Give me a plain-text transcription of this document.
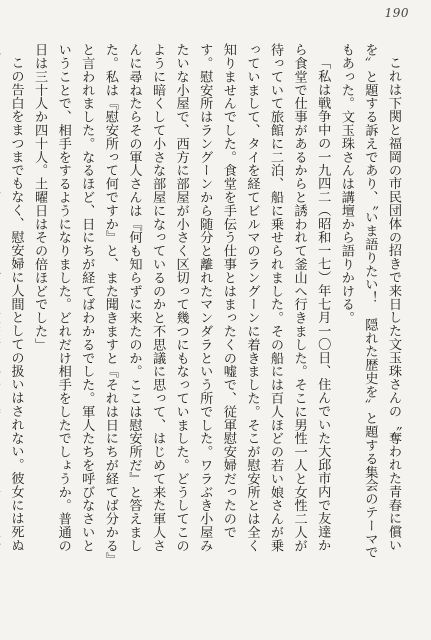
190

これは下関と福岡の市民団体の招きで来日した文玉珠さんの〝奪われた青春に償いを〟と題する訴えであり、〝いま語りたい！　隠れた歴史を〟と題する集会のテーマでもあった。文玉珠さんは講壇から語りかける。

「私は戦争中の一九四二（昭和一七）年七月一〇日、住んでいた大邱市内で友達から食堂で仕事があるからと誘われて釜山へ行きました。そこに男性一人と女性二人が待っていて旅館に二泊、船に乗せられました。その船には百人ほどの若い娘さんが乗っていまして、タイを経てビルマのラングーンに着きました。そこが慰安所とは全く知りませんでした。食堂を手伝う仕事とはまったくの嘘で、従軍慰安婦だったのです。慰安所はラングーンから随分と離れたマンダラという所でした。ワラぶき小屋みたいな小屋で、西方に部屋が小さく区切って幾つにもなっていました。どうしてこのように暗くして小さな部屋になっているのかと不思議に思って、はじめて来た軍人さんに尋ねたらその軍人さんは『何も知らずに来たのか。ここは慰安所だ』と答えました。私は『慰安所って何ですか』と、また聞きますと『それは日にちが経てば分かる』と言われました。なるほど、日にちが経てばわかるでした。軍人たちを呼びなさいということで、相手をするようになりました。どれだけ相手をしたでしょうか。普通の日は三十人か四十人。土曜日はその倍ほどでした」

この告白をまつまでもなく、慰安婦に人間としての扱いはされない。彼女には死ぬ
